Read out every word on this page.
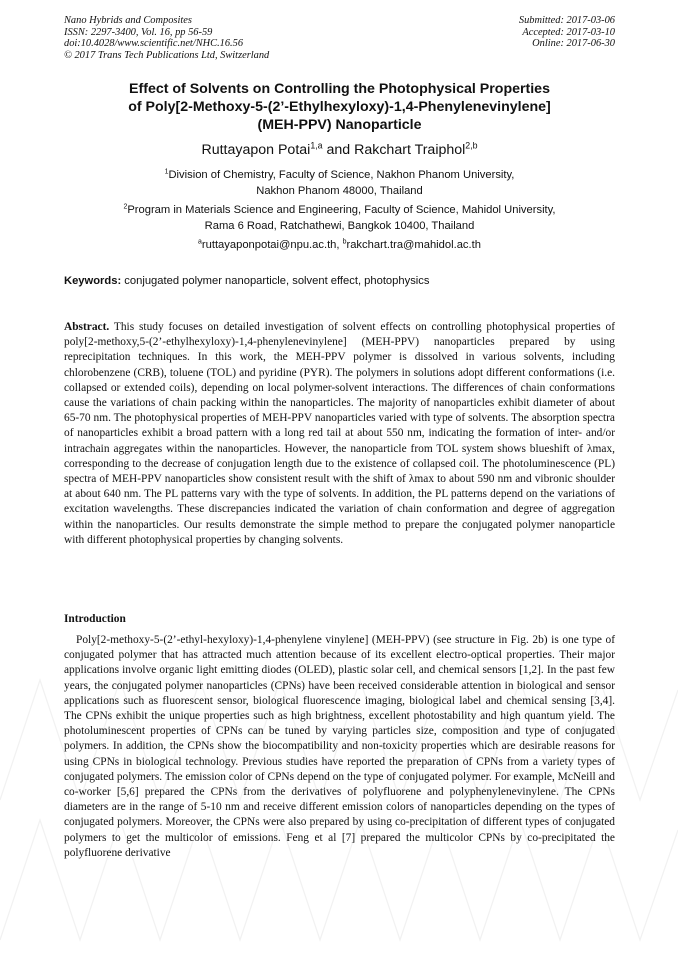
Nano Hybrids and Composites
ISSN: 2297-3400, Vol. 16, pp 56-59
doi:10.4028/www.scientific.net/NHC.16.56
© 2017 Trans Tech Publications Ltd, Switzerland
Submitted: 2017-03-06
Accepted: 2017-03-10
Online: 2017-06-30
Effect of Solvents on Controlling the Photophysical Properties
of Poly[2-Methoxy-5-(2’-Ethylhexyloxy)-1,4-Phenylenevinylene]
(MEH-PPV) Nanoparticle
Ruttayapon Potai$^{1,a}$ and Rakchart Traiphol$^{2,b}$
$^1$Division of Chemistry, Faculty of Science, Nakhon Phanom University,
Nakhon Phanom 48000, Thailand
$^2$Program in Materials Science and Engineering, Faculty of Science, Mahidol University,
Rama 6 Road, Ratchathewi, Bangkok 10400, Thailand
$^a$ruttayaponpotai@npu.ac.th, $^b$rakchart.tra@mahidol.ac.th
Keywords: conjugated polymer nanoparticle, solvent effect, photophysics
Abstract. This study focuses on detailed investigation of solvent effects on controlling photophysical properties of poly[2-methoxy,5-(2’-ethylhexyloxy)-1,4-phenylenevinylene] (MEH-PPV) nanoparticles prepared by using reprecipitation techniques. In this work, the MEH-PPV polymer is dissolved in various solvents, including chlorobenzene (CRB), toluene (TOL) and pyridine (PYR). The polymers in solutions adopt different conformations (i.e. collapsed or extended coils), depending on local polymer-solvent interactions. The differences of chain conformations cause the variations of chain packing within the nanoparticles. The majority of nanoparticles exhibit diameter of about 65-70 nm. The photophysical properties of MEH-PPV nanoparticles varied with type of solvents. The absorption spectra of nanoparticles exhibit a broad pattern with a long red tail at about 550 nm, indicating the formation of inter- and/or intrachain aggregates within the nanoparticles. However, the nanoparticle from TOL system shows blueshift of λmax, corresponding to the decrease of conjugation length due to the existence of collapsed coil. The photoluminescence (PL) spectra of MEH-PPV nanoparticles show consistent result with the shift of λmax to about 590 nm and vibronic shoulder at about 640 nm. The PL patterns vary with the type of solvents. In addition, the PL patterns depend on the variations of excitation wavelengths. These discrepancies indicated the variation of chain conformation and degree of aggregation within the nanoparticles. Our results demonstrate the simple method to prepare the conjugated polymer nanoparticle with different photophysical properties by changing solvents.
Introduction
Poly[2-methoxy-5-(2’-ethyl-hexyloxy)-1,4-phenylene vinylene] (MEH-PPV) (see structure in Fig. 2b) is one type of conjugated polymer that has attracted much attention because of its excellent electro-optical properties. Their major applications involve organic light emitting diodes (OLED), plastic solar cell, and chemical sensors [1,2]. In the past few years, the conjugated polymer nanoparticles (CPNs) have been received considerable attention in biological and sensor applications such as fluorescent sensor, biological fluorescence imaging, biological label and chemical sensing [3,4]. The CPNs exhibit the unique properties such as high brightness, excellent photostability and high quantum yield. The photoluminescent properties of CPNs can be tuned by varying particles size, composition and type of conjugated polymers. In addition, the CPNs show the biocompatibility and non-toxicity properties which are desirable reasons for using CPNs in biological technology. Previous studies have reported the preparation of CPNs from a variety types of conjugated polymers. The emission color of CPNs depend on the type of conjugated polymer. For example, McNeill and co-worker [5,6] prepared the CPNs from the derivatives of polyfluorene and polyphenylenevinylene. The CPNs diameters are in the range of 5-10 nm and receive different emission colors of nanoparticles depending on the types of conjugated polymers. Moreover, the CPNs were also prepared by using co-precipitation of different types of conjugated polymers to get the multicolor of emissions. Feng et al [7] prepared the multicolor CPNs by co-precipitated the polyfluorene derivative
